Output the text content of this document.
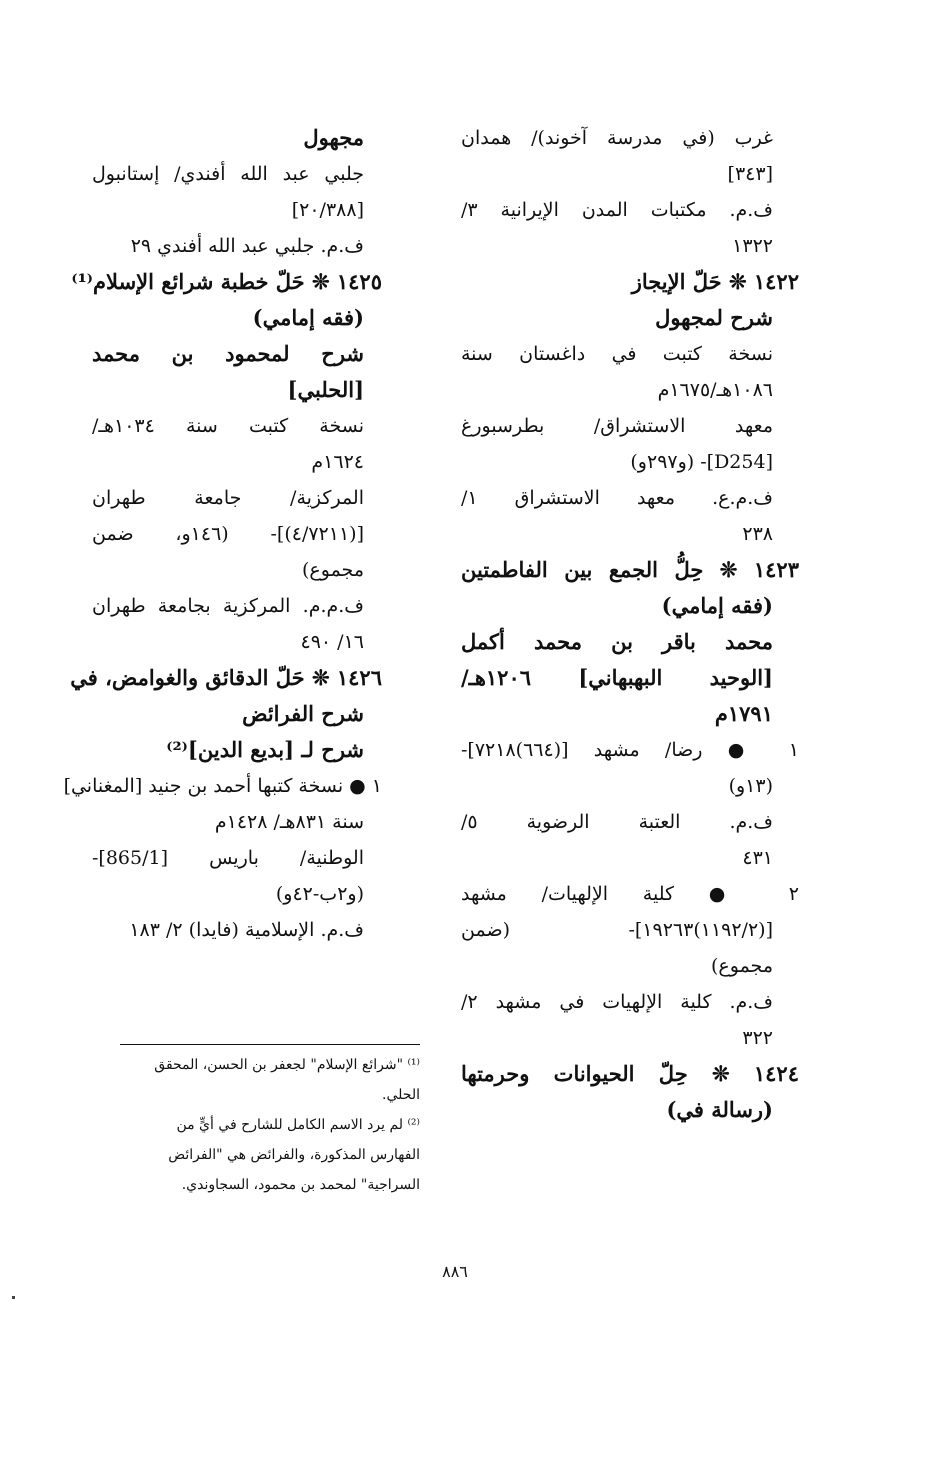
غرب (في مدرسة آخوند)/ همدان
[٣٤٣]
ف.م. مكتبات المدن الإيرانية ٣/
١٣٢٢
١٤٢٢ ❊ حَلّ الإيجاز
شرح لمجهول
نسخة كتبت في داغستان سنة
١٠٨٦هـ/١٦٧٥م
معهد الاستشراق/ بطرسبورغ
[D254]- (و٢٩٧و)
ف.م.ع. معهد الاستشراق ١/
٢٣٨
١٤٢٣ ❊ حِلُّ الجمع بين الفاطمتين
(فقه إمامي)
محمد باقر بن محمد أكمل
[الوحيد البهبهاني] ١٢٠٦هـ/
١٧٩١م
١ ● رضا/ مشهد [(٦٦٤)٧٢١٨]-
(١٣و)
ف.م. العتبة الرضوية ٥/
٤٣١
٢ ● كلية الإلهيات/ مشهد
[(١١٩٢/٢)١٩٢٦٣]- (ضمن
مجموع)
ف.م. كلية الإلهيات في مشهد ٢/
٣٢٢
١٤٢٤ ❊ حِلّ الحيوانات وحرمتها
(رسالة في)
مجهول
جلبي عبد الله أفندي/ إستانبول
[٢٠/٣٨٨]
ف.م. جلبي عبد الله أفندي ٢٩
١٤٢٥ ❊ حَلّ خطبة شرائع الإسلام⁽¹⁾
(فقه إمامي)
شرح لمحمود بن محمد
[الحلبي]
نسخة كتبت سنة ١٠٣٤هـ/
١٦٢٤م
المركزية/ جامعة طهران
[(٤/٧٢١١)]- (١٤٦و، ضمن
مجموع)
ف.م.م. المركزية بجامعة طهران
١٦/ ٤٩٠
١٤٢٦ ❊ حَلّ الدقائق والغوامض، في
شرح الفرائض
شرح لـ [بديع الدين]⁽²⁾
١ ● نسخة كتبها أحمد بن جنيد [المغناني]
سنة ٨٣١هـ/ ١٤٢٨م
الوطنية/ باريس [865/1]-
(و٢ب-٤٢و)
ف.م. الإسلامية (فايدا) ٢/ ١٨٣
⁽¹⁾ "شرائع الإسلام" لجعفر بن الحسن، المحقق
الحلي.
⁽²⁾ لم يرد الاسم الكامل للشارح في أيٍّ من
الفهارس المذكورة، والفرائض هي "الفرائض
السراجية" لمحمد بن محمود، السجاوندي.
٨٨٦
